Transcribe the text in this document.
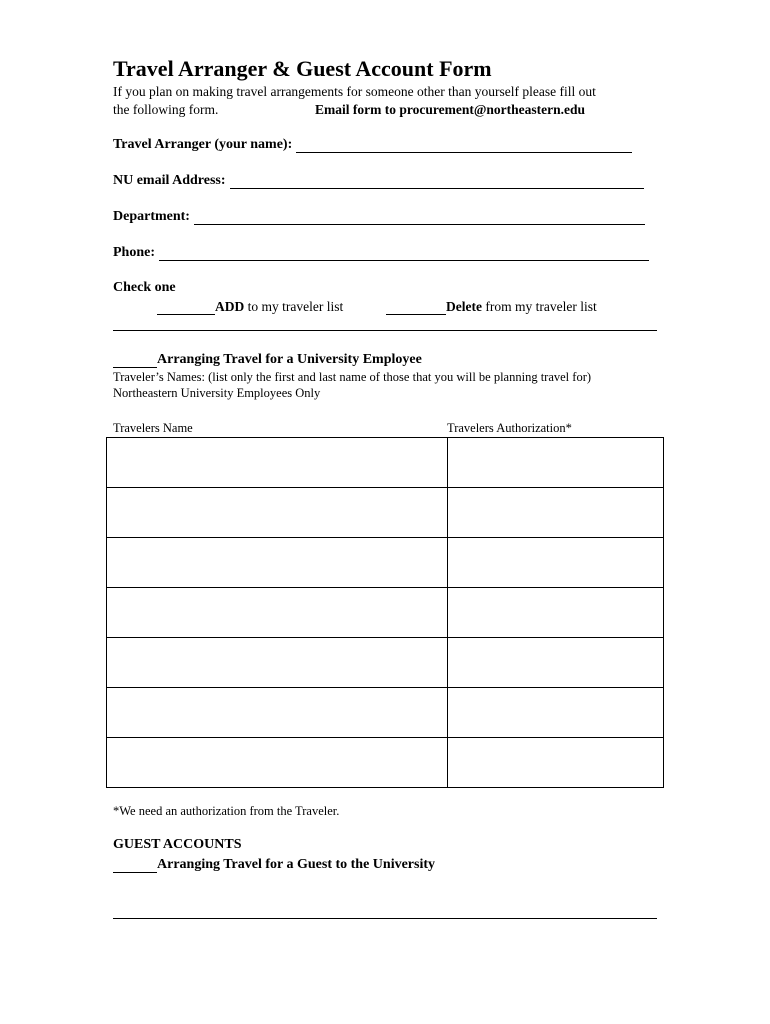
Travel Arranger & Guest Account Form
If you plan on making travel arrangements for someone other than yourself please fill out
the following form.	Email form to procurement@northeastern.edu
Travel Arranger (your name):
NU email Address:
Department:
Phone:
Check one
ADD to my traveler list	Delete from my traveler list
Arranging Travel for a University Employee
Traveler’s Names: (list only the first and last name of those that you will be planning travel for)
Northeastern University Employees Only
Travelers Name	Travelers Authorization*

*We need an authorization from the Traveler.
GUEST ACCOUNTS
Arranging Travel for a Guest to the University
